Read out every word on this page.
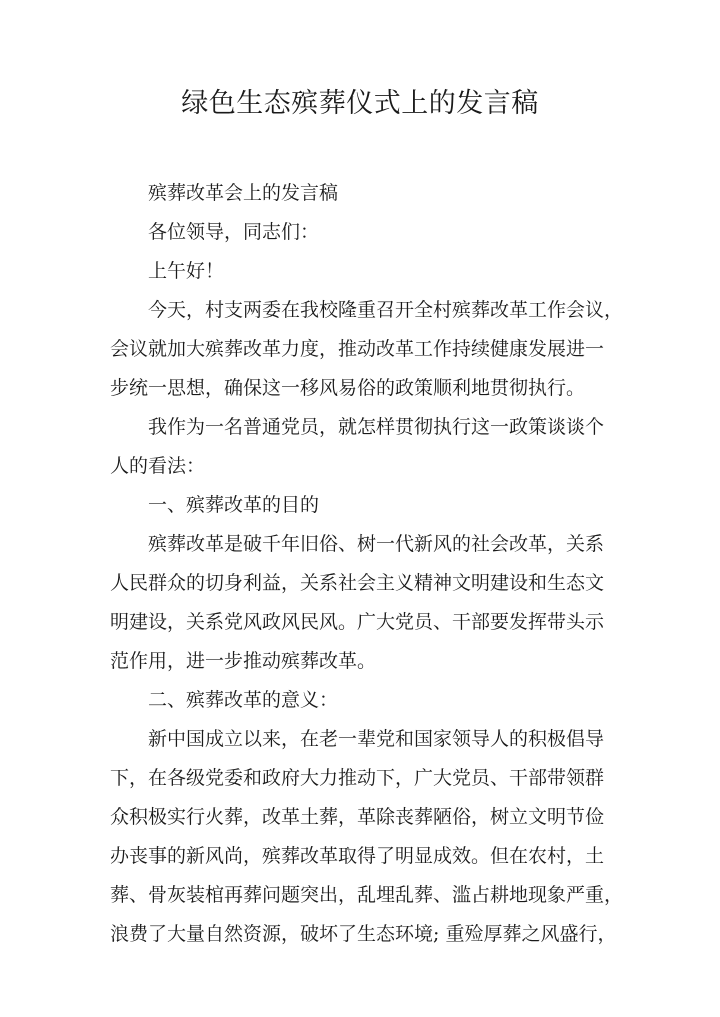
绿色生态殡葬仪式上的发言稿
殡葬改革会上的发言稿
各位领导，同志们：
上午好！
今天，村支两委在我校隆重召开全村殡葬改革工作会议，
会议就加大殡葬改革力度，推动改革工作持续健康发展进一
步统一思想，确保这一移风易俗的政策顺利地贯彻执行。
我作为一名普通党员，就怎样贯彻执行这一政策谈谈个
人的看法：
一、殡葬改革的目的
殡葬改革是破千年旧俗、树一代新风的社会改革，关系
人民群众的切身利益，关系社会主义精神文明建设和生态文
明建设，关系党风政风民风。广大党员、干部要发挥带头示
范作用，进一步推动殡葬改革。
二、殡葬改革的意义：
新中国成立以来，在老一辈党和国家领导人的积极倡导
下，在各级党委和政府大力推动下，广大党员、干部带领群
众积极实行火葬，改革土葬，革除丧葬陋俗，树立文明节俭
办丧事的新风尚，殡葬改革取得了明显成效。但在农村，土
葬、骨灰装棺再葬问题突出，乱埋乱葬、滥占耕地现象严重，
浪费了大量自然资源，破坏了生态环境; 重殓厚葬之风盛行，
